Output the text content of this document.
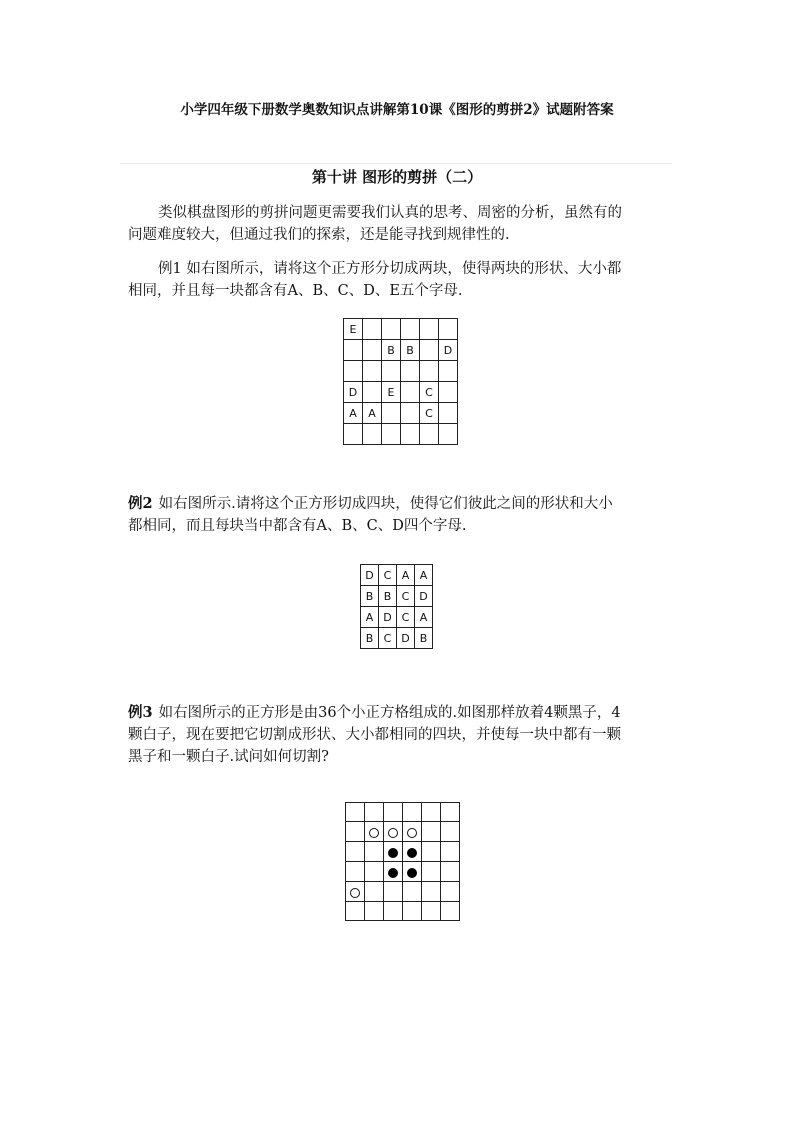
小学四年级下册数学奥数知识点讲解第10课《图形的剪拼2》试题附答案
第十讲 图形的剪拼（二）
类似棋盘图形的剪拼问题更需要我们认真的思考、周密的分析，虽然有的
问题难度较大，但通过我们的探索，还是能寻找到规律性的.
例1 如右图所示，请将这个正方形分切成两块，使得两块的形状、大小都
相同，并且每一块都含有A、B、C、D、E五个字母.
E					
		B	B		D

D		E		C	
A	A			C	

例2 如右图所示.请将这个正方形切成四块，使得它们彼此之间的形状和大小
都相同，而且每块当中都含有A、B、C、D四个字母.
D	C	A	A
B	B	C	D
A	D	C	A
B	C	D	B
例3 如右图所示的正方形是由36个小正方格组成的.如图那样放着4颗黑子，4
颗白子，现在要把它切割成形状、大小都相同的四块，并使每一块中都有一颗
黑子和一颗白子.试问如何切割?
